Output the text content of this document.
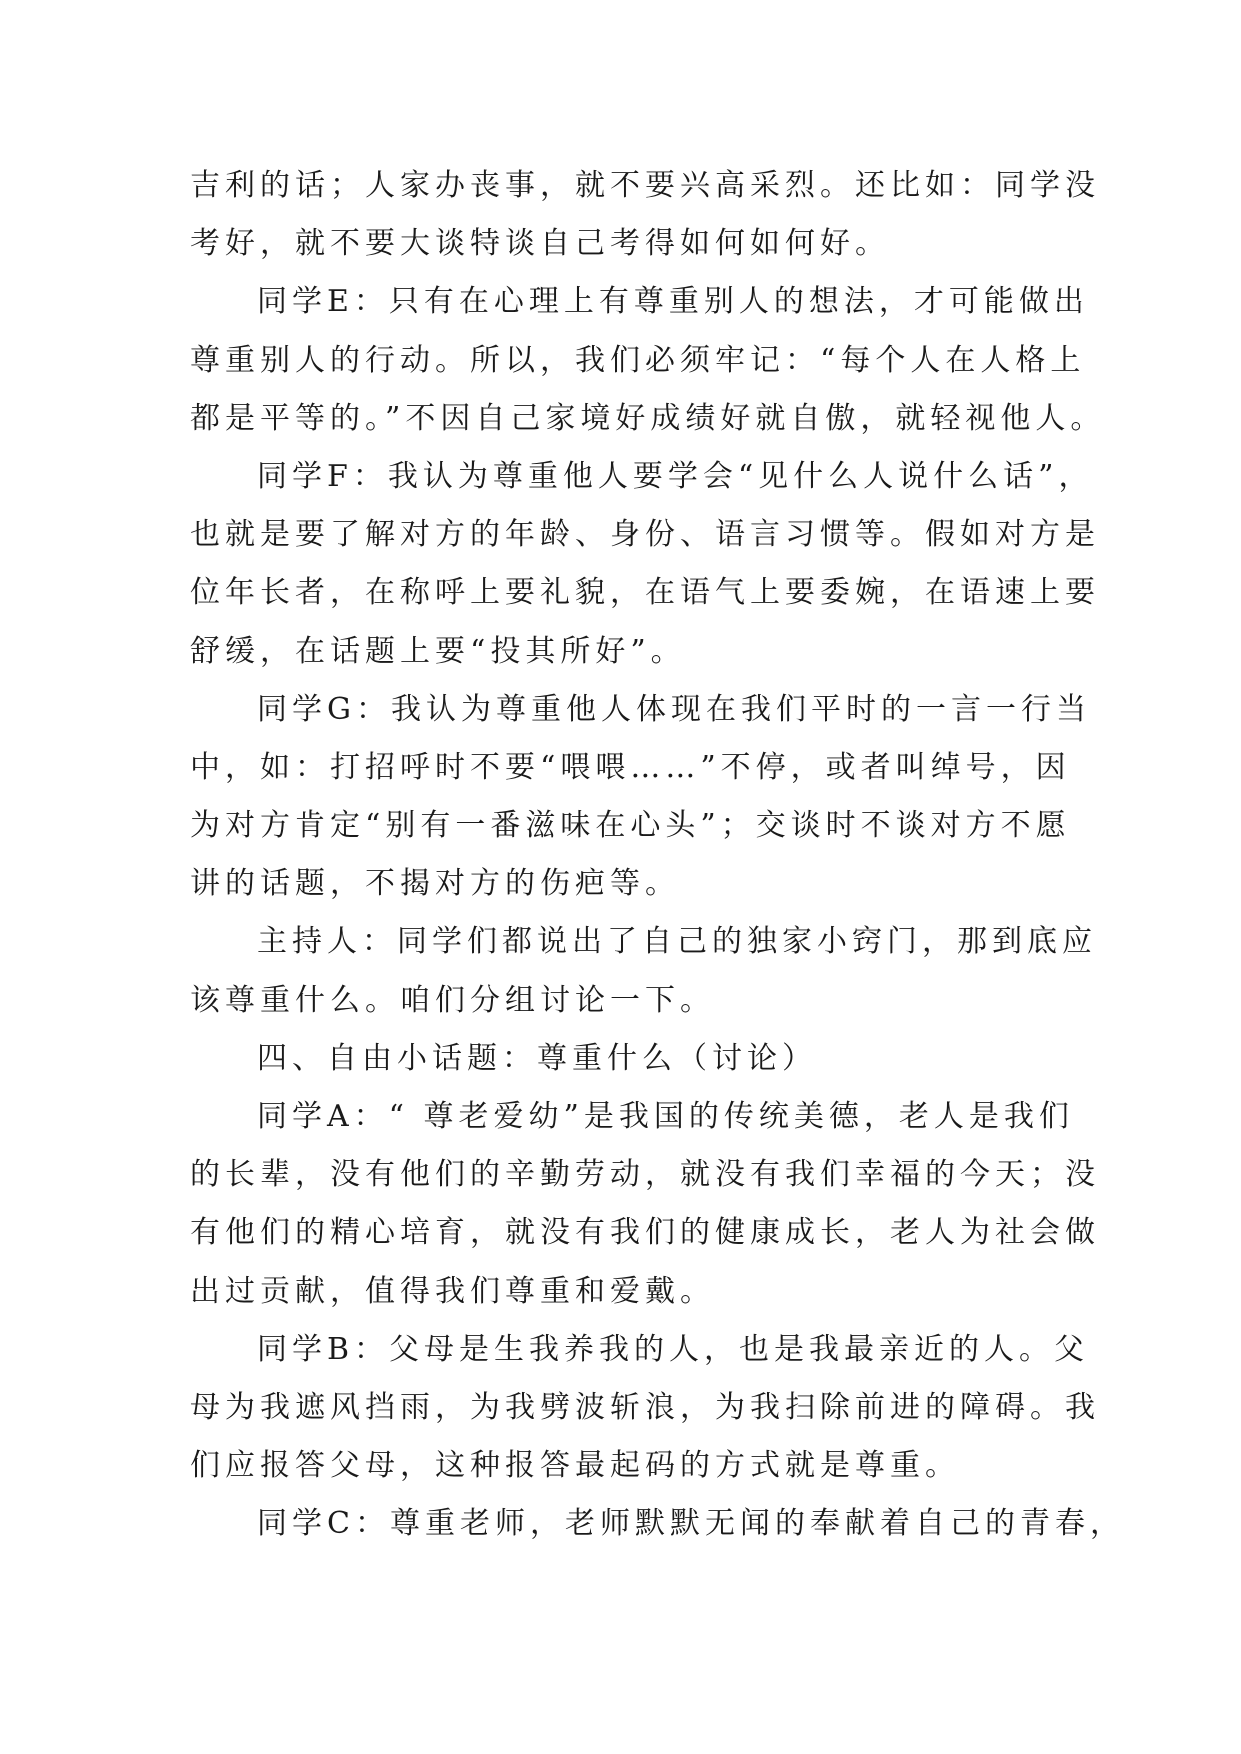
吉利的话；人家办丧事，就不要兴高采烈。还比如：同学没
考好，就不要大谈特谈自己考得如何如何好。
同学E：只有在心理上有尊重别人的想法，才可能做出
尊重别人的行动。所以，我们必须牢记：“每个人在人格上
都是平等的。”不因自己家境好成绩好就自傲，就轻视他人。
同学F：我认为尊重他人要学会“见什么人说什么话”，
也就是要了解对方的年龄、身份、语言习惯等。假如对方是
位年长者，在称呼上要礼貌，在语气上要委婉，在语速上要
舒缓，在话题上要“投其所好”。
同学G：我认为尊重他人体现在我们平时的一言一行当
中，如：打招呼时不要“喂喂……”不停，或者叫绰号，因
为对方肯定“别有一番滋味在心头”；交谈时不谈对方不愿
讲的话题，不揭对方的伤疤等。
主持人：同学们都说出了自己的独家小窍门，那到底应
该尊重什么。咱们分组讨论一下。
四、自由小话题：尊重什么（讨论）
同学A：“ 尊老爱幼”是我国的传统美德，老人是我们
的长辈，没有他们的辛勤劳动，就没有我们幸福的今天；没
有他们的精心培育，就没有我们的健康成长，老人为社会做
出过贡献，值得我们尊重和爱戴。
同学B：父母是生我养我的人，也是我最亲近的人。父
母为我遮风挡雨，为我劈波斩浪，为我扫除前进的障碍。我
们应报答父母，这种报答最起码的方式就是尊重。
同学C：尊重老师，老师默默无闻的奉献着自己的青春，
